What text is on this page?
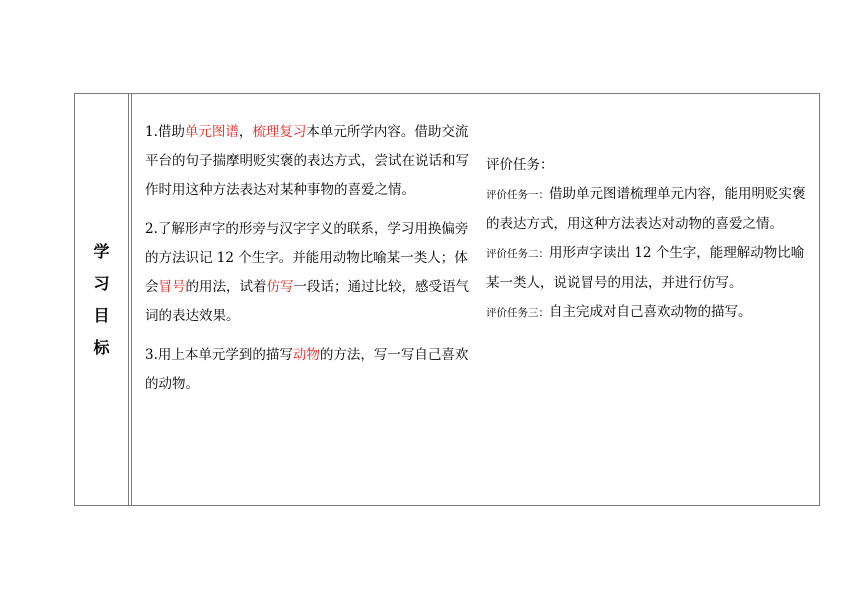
学
习
目
标

1.借助单元图谱，梳理复习本单元所学内容。借助交流平台的句子揣摩明贬实褒的表达方式，尝试在说话和写作时用这种方法表达对某种事物的喜爱之情。

2.了解形声字的形旁与汉字字义的联系，学习用换偏旁的方法识记 12 个生字。并能用动物比喻某一类人；体会冒号的用法，试着仿写一段话；通过比较，感受语气词的表达效果。

3.用上本单元学到的描写动物的方法，写一写自己喜欢的动物。

评价任务：
评价任务一：借助单元图谱梳理单元内容，能用明贬实褒的表达方式，用这种方法表达对动物的喜爱之情。
评价任务二：用形声字读出 12 个生字，能理解动物比喻某一类人，说说冒号的用法，并进行仿写。
评价任务三：自主完成对自己喜欢动物的描写。
